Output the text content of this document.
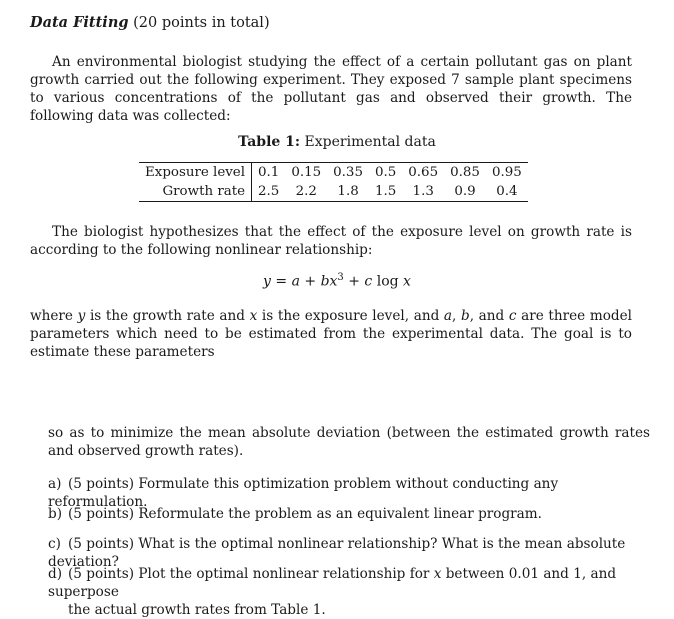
Data Fitting (20 points in total)
An environmental biologist studying the effect of a certain pollutant gas on plant growth carried out the following experiment. They exposed 7 sample plant specimens to various concentrations of the pollutant gas and observed their growth. The following data was collected:
Table 1: Experimental data
Exposure level	0.1	0.15	0.35	0.5	0.65	0.85	0.95
Growth rate	2.5	2.2	1.8	1.5	1.3	0.9	0.4
The biologist hypothesizes that the effect of the exposure level on growth rate is according to the following nonlinear relationship:
$y = a + bx^3 + c$ log x
where y is the growth rate and x is the exposure level, and a, b, and c are three model parameters which need to be estimated from the experimental data. The goal is to estimate these parameters
so as to minimize the mean absolute deviation (between the estimated growth rates and observed growth rates).
a) (5 points) Formulate this optimization problem without conducting any reformulation.
b) (5 points) Reformulate the problem as an equivalent linear program.
c) (5 points) What is the optimal nonlinear relationship? What is the mean absolute deviation?
d) (5 points) Plot the optimal nonlinear relationship for x between 0.01 and 1, and superpose
the actual growth rates from Table 1.
